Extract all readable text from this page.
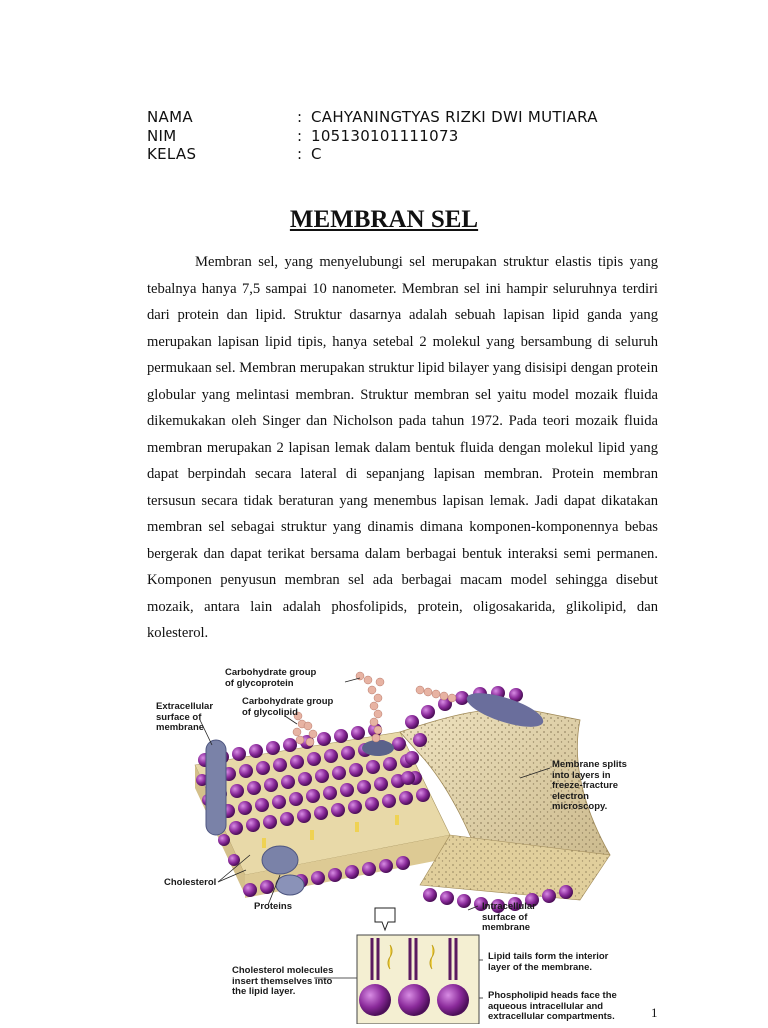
NAMA	: CAHYANINGTYAS RIZKI DWI MUTIARA
NIM	: 105130101111073
KELAS	: C
MEMBRAN SEL

Membran sel, yang menyelubungi sel merupakan struktur elastis tipis yang tebalnya hanya 7,5 sampai 10 nanometer. Membran sel ini hampir seluruhnya terdiri dari protein dan lipid. Struktur dasarnya adalah sebuah lapisan lipid ganda yang merupakan lapisan lipid tipis, hanya setebal 2 molekul yang bersambung di seluruh permukaan sel. Membran merupakan struktur lipid bilayer yang disisipi dengan protein globular yang melintasi membran. Struktur membran sel yaitu model mozaik fluida dikemukakan oleh Singer dan Nicholson pada tahun 1972. Pada teori mozaik fluida membran merupakan 2 lapisan lemak dalam bentuk fluida dengan molekul lipid yang dapat berpindah secara lateral di sepanjang lapisan membran. Protein membran tersusun secara tidak beraturan yang menembus lapisan lemak. Jadi dapat dikatakan membran sel sebagai struktur yang dinamis dimana komponen-komponennya bebas bergerak dan dapat terikat bersama dalam berbagai bentuk interaksi semi permanen. Komponen penyusun membran sel ada berbagai macam model sehingga disebut mozaik, antara lain adalah phosfolipids, protein, oligosakarida, glikolipid, dan kolesterol.

Carbohydrate group
of glycoprotein
Carbohydrate group
of glycolipid
Extracellular
surface of
membrane
Membrane splits
into layers in
freeze-fracture
electron
microscopy.
Cholesterol
Proteins	Intracellular
surface of
membrane
Cholesterol molecules
insert themselves into
the lipid layer.
Lipid tails form the interior
layer of the membrane.
Phospholipid heads face the
aqueous intracellular and
extracellular compartments.	1
